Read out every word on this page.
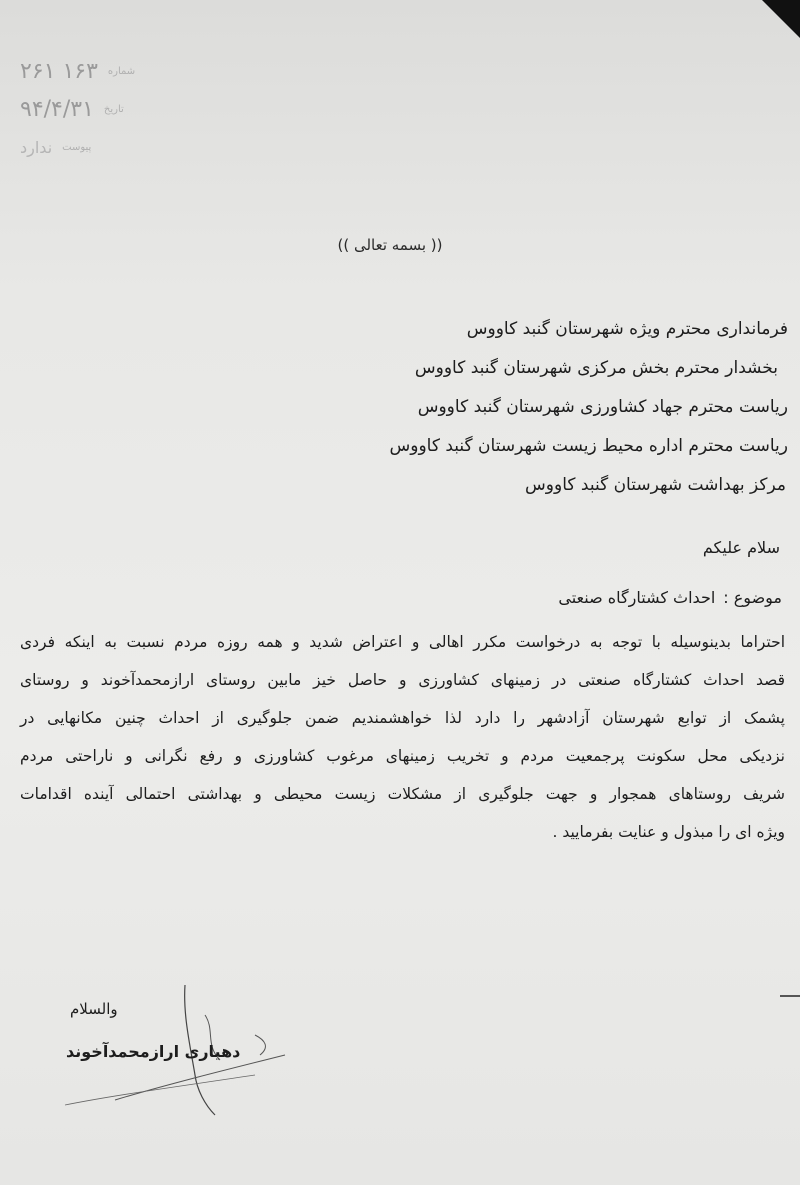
شماره
۱۶۳ ۲۶۱
تاریخ
۹۴/۴/۳۱
پیوست
ندارد
(( بسمه تعالی ))
فرمانداری محترم ویژه شهرستان گنبد کاووس
بخشدار محترم بخش مرکزی شهرستان گنبد کاووس
ریاست محترم جهاد کشاورزی شهرستان گنبد کاووس
ریاست محترم اداره محیط زیست شهرستان گنبد کاووس
مرکز بهداشت شهرستان گنبد کاووس
سلام علیکم
موضوع :
احداث کشتارگاه صنعتی

احتراما بدینوسیله با توجه به درخواست مکرر اهالی و اعتراض شدید و همه روزه مردم نسبت به اینکه فردی

قصد احداث کشتارگاه صنعتی در زمینهای کشاورزی و حاصل خیز مابین روستای ارازمحمدآخوند و روستای

پشمک از توابع شهرستان آزادشهر را دارد لذا خواهشمندیم ضمن جلوگیری از احداث چنین مکانهایی در

نزدیکی محل سکونت پرجمعیت مردم و تخریب زمینهای مرغوب کشاورزی و رفع نگرانی و ناراحتی مردم

شریف روستاهای همجوار و جهت جلوگیری از مشکلات زیست محیطی و بهداشتی احتمالی آینده اقدامات

ویژه ای را مبذول و عنایت بفرمایید .

والسلام
دهیاری ارازمحمدآخوند
